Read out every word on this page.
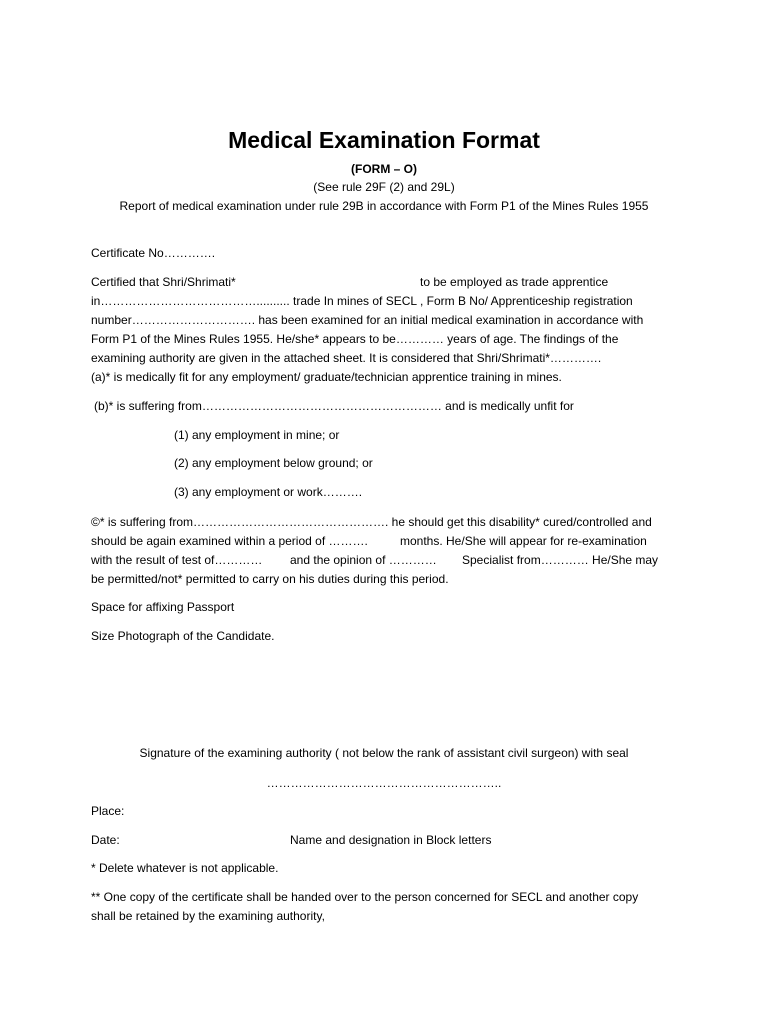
Medical Examination Format
(FORM – O)
(See rule 29F (2) and 29L)
Report of medical examination under rule 29B in accordance with Form P1 of the Mines Rules 1955
Certificate No………….
Certified that Shri/Shrimati*	to be employed as trade apprentice
in………………………………….......... trade In mines of SECL , Form B No/ Apprenticeship registration
number…………………………. has been examined for an initial medical examination in accordance with
Form P1 of the Mines Rules 1955. He/she* appears to be………… years of age. The findings of the
examining authority are given in the attached sheet. It is considered that Shri/Shrimati*………….
(a)* is medically fit for any employment/ graduate/technician apprentice training in mines.
(b)* is suffering from…………………………………………………… and is medically unfit for
(1) any employment in mine; or
(2) any employment below ground; or
(3) any employment or work……….
©* is suffering from…………………………………………. he should get this disability* cured/controlled and
should be again examined within a period of ……….	months. He/She will appear for re-examination
with the result of test of………… and the opinion of ………… Specialist from………… He/She may
be permitted/not* permitted to carry on his duties during this period.
Space for affixing Passport
Size Photograph of the Candidate.
Signature of the examining authority ( not below the rank of assistant civil surgeon) with seal
…………………………………………………..
Place:
Date:	Name and designation in Block letters
* Delete whatever is not applicable.
** One copy of the certificate shall be handed over to the person concerned for SECL and another copy
shall be retained by the examining authority,
